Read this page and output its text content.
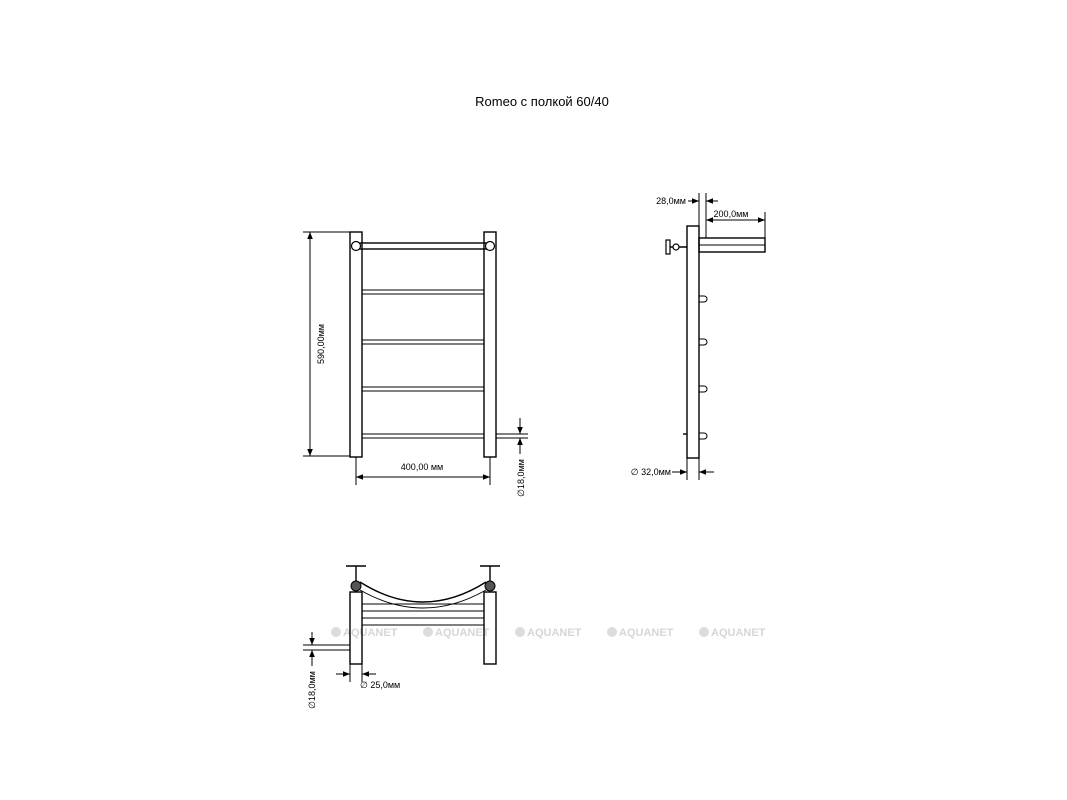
Romeo с полкой 60/40
AQUANET	AQUANET	AQUANET	AQUANET	AQUANET
590,00мм
400,00 мм	∅18,0мм
28,0мм
200,0мм
∅ 32,0мм
∅18,0мм	∅ 25,0мм
